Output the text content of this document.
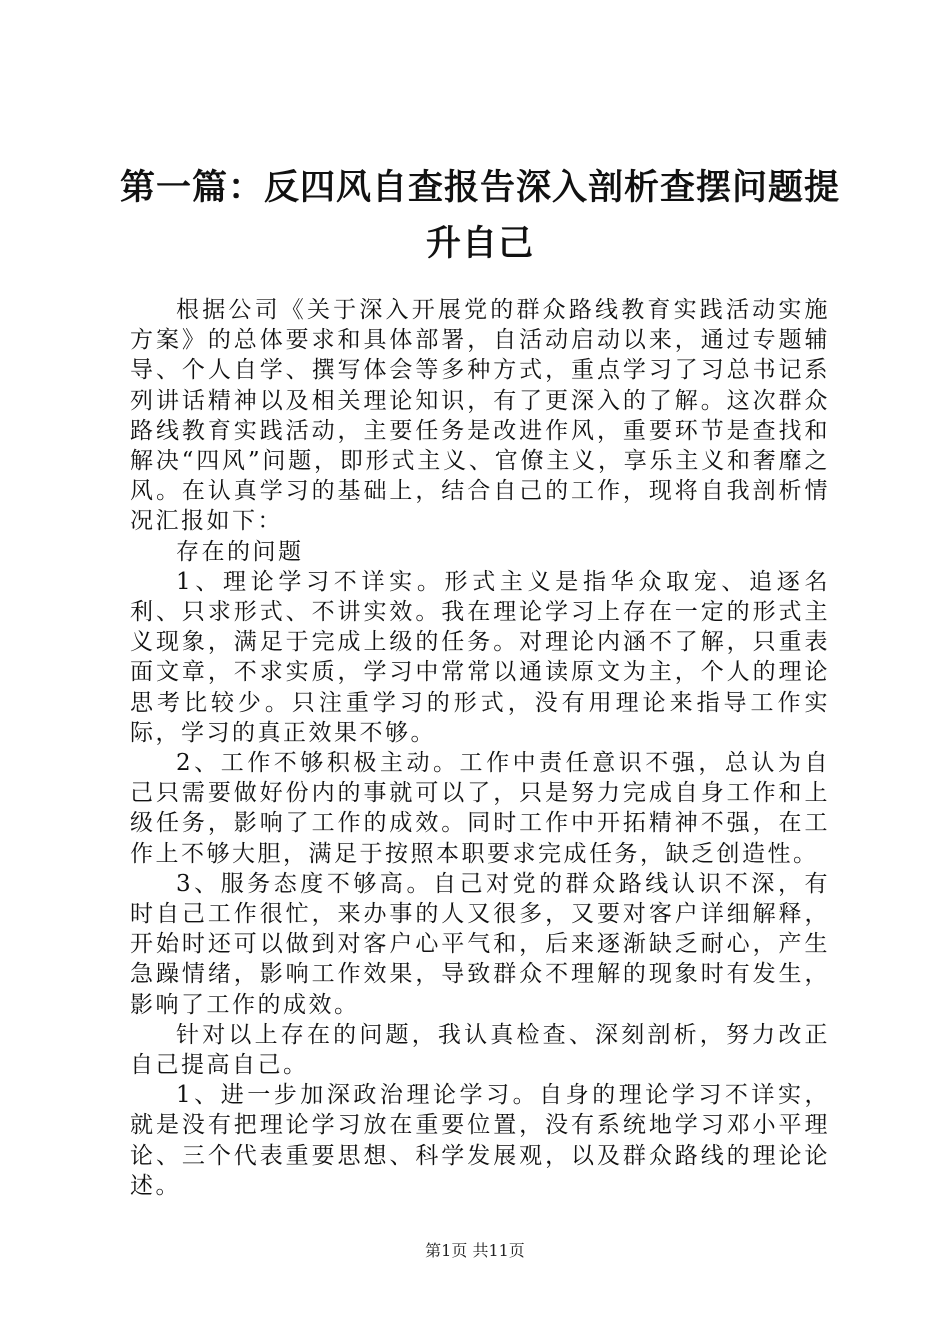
第一篇：反四风自查报告深入剖析查摆问题提升自己

根据公司《关于深入开展党的群众路线教育实践活动实施方案》的总体要求和具体部署，自活动启动以来，通过专题辅导、个人自学、撰写体会等多种方式，重点学习了习总书记系列讲话精神以及相关理论知识，有了更深入的了解。这次群众路线教育实践活动，主要任务是改进作风，重要环节是查找和解决“四风”问题，即形式主义、官僚主义，享乐主义和奢靡之风。在认真学习的基础上，结合自己的工作，现将自我剖析情况汇报如下：

存在的问题

1、理论学习不详实。形式主义是指华众取宠、追逐名利、只求形式、不讲实效。我在理论学习上存在一定的形式主义现象，满足于完成上级的任务。对理论内涵不了解，只重表面文章，不求实质，学习中常常以通读原文为主，个人的理论思考比较少。只注重学习的形式，没有用理论来指导工作实际，学习的真正效果不够。

2、工作不够积极主动。工作中责任意识不强，总认为自己只需要做好份内的事就可以了，只是努力完成自身工作和上级任务，影响了工作的成效。同时工作中开拓精神不强，在工作上不够大胆，满足于按照本职要求完成任务，缺乏创造性。

3、服务态度不够高。自己对党的群众路线认识不深，有时自己工作很忙，来办事的人又很多，又要对客户详细解释，开始时还可以做到对客户心平气和，后来逐渐缺乏耐心，产生急躁情绪，影响工作效果，导致群众不理解的现象时有发生，影响了工作的成效。

针对以上存在的问题，我认真检查、深刻剖析，努力改正自己提高自己。

1、进一步加深政治理论学习。自身的理论学习不详实，就是没有把理论学习放在重要位置，没有系统地学习邓小平理论、三个代表重要思想、科学发展观，以及群众路线的理论论述。

第1页 共11页
